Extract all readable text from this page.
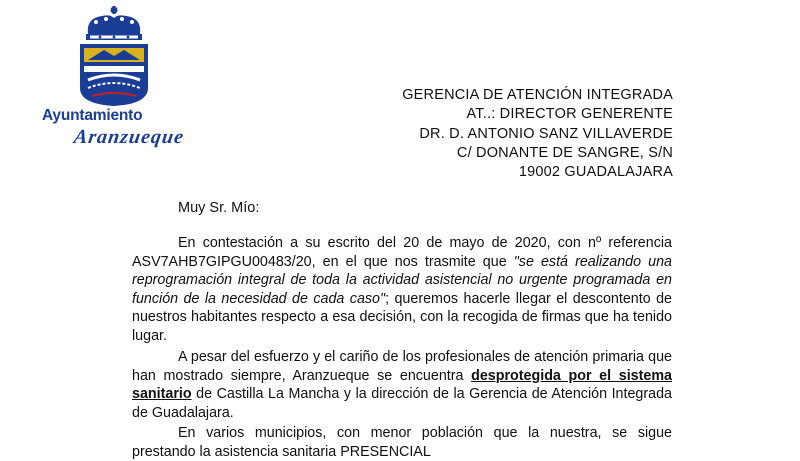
Ayuntamiento
Aranzueque
GERENCIA DE ATENCIÓN INTEGRADA
AT..: DIRECTOR GENERENTE
DR. D. ANTONIO SANZ VILLAVERDE
C/ DONANTE DE SANGRE, S/N
19002 GUADALAJARA
Muy Sr. Mío:
En contestación a su escrito del 20 de mayo de 2020, con nº referencia ASV7AHB7GIPGU00483/20, en el que nos trasmite que "se está realizando una reprogramación integral de toda la actividad asistencial no urgente programada en función de la necesidad de cada caso"; queremos hacerle llegar el descontento de nuestros habitantes respecto a esa decisión, con la recogida de firmas que ha tenido lugar.
A pesar del esfuerzo y el cariño de los profesionales de atención primaria que han mostrado siempre, Aranzueque se encuentra desprotegida por el sistema sanitario de Castilla La Mancha y la dirección de la Gerencia de Atención Integrada de Guadalajara.
En varios municipios, con menor población que la nuestra, se sigue prestando la asistencia sanitaria PRESENCIAL
